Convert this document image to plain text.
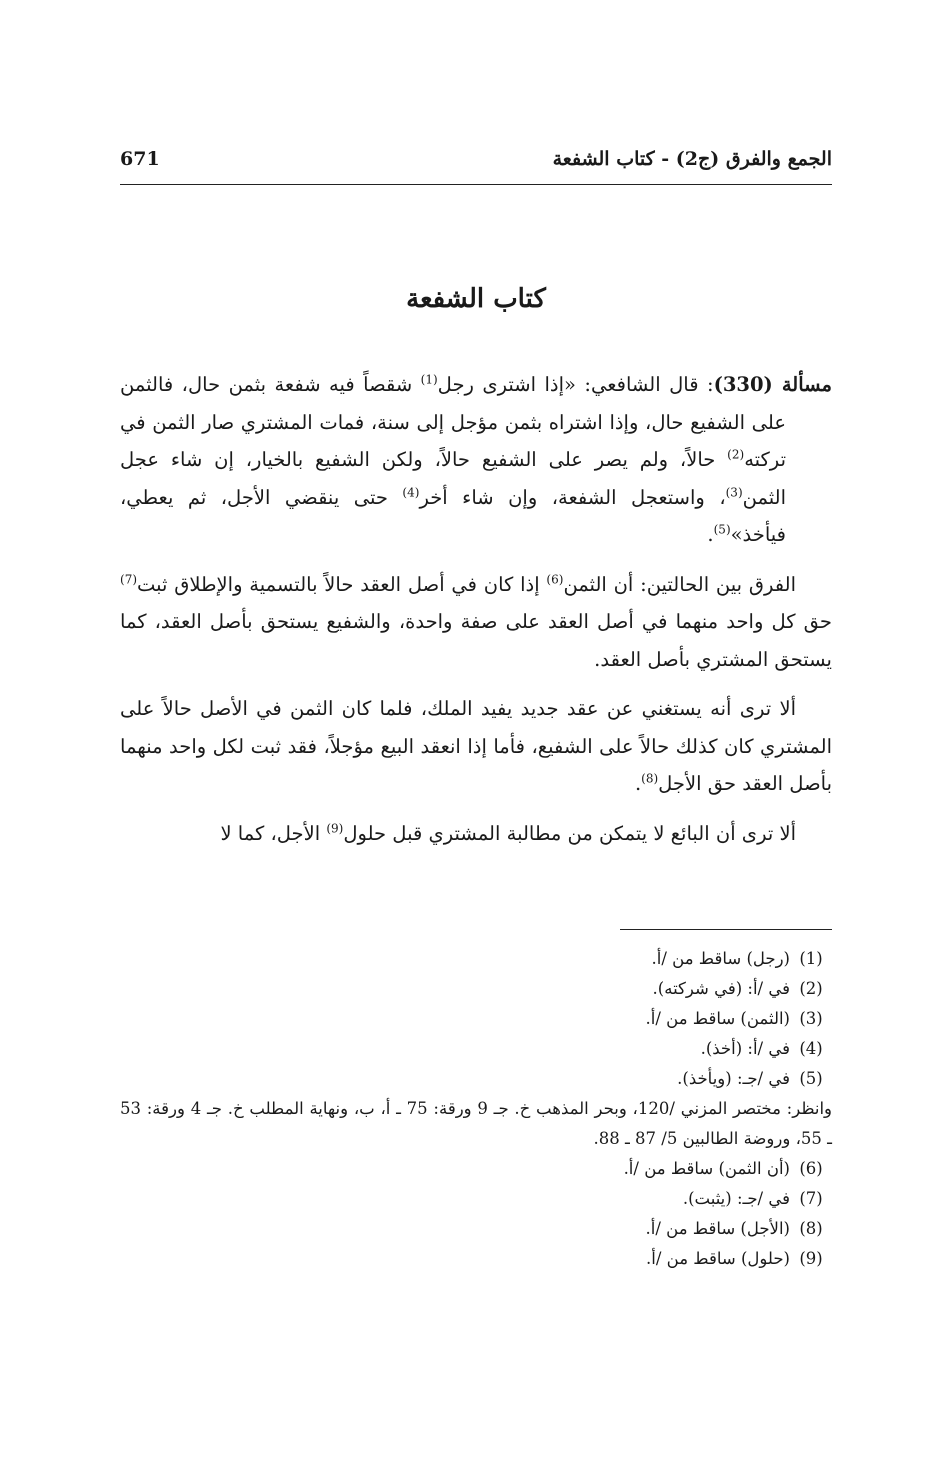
الجمع والفرق (ج2) - كتاب الشفعة
671
كتاب الشفعة

مسألة (330): قال الشافعي: «إذا اشترى رجل$^{(1)}$ شقصاً فيه شفعة بثمن حال، فالثمن على الشفيع حال، وإذا اشتراه بثمن مؤجل إلى سنة، فمات المشتري صار الثمن في تركته$^{(2)}$ حالاً، ولم يصر على الشفيع حالاً، ولكن الشفيع بالخيار، إن شاء عجل الثمن$^{(3)}$، واستعجل الشفعة، وإن شاء أخر$^{(4)}$ حتى ينقضي الأجل، ثم يعطي، فيأخذ»$^{(5)}$.

الفرق بين الحالتين: أن الثمن$^{(6)}$ إذا كان في أصل العقد حالاً بالتسمية والإطلاق ثبت$^{(7)}$ حق كل واحد منهما في أصل العقد على صفة واحدة، والشفيع يستحق بأصل العقد، كما يستحق المشتري بأصل العقد.

ألا ترى أنه يستغني عن عقد جديد يفيد الملك، فلما كان الثمن في الأصل حالاً على المشتري كان كذلك حالاً على الشفيع، فأما إذا انعقد البيع مؤجلاً، فقد ثبت لكل واحد منهما بأصل العقد حق الأجل$^{(8)}$.

ألا ترى أن البائع لا يتمكن من مطالبة المشتري قبل حلول$^{(9)}$ الأجل، كما لا

(1)(رجل) ساقط من /أ.

(2)في /أ: (في شركته).

(3)(الثمن) ساقط من /أ.

(4)في /أ: (أخذ).

(5)في /جـ: (ويأخذ).

وانظر: مختصر المزني /120، وبحر المذهب خ. جـ 9 ورقة: 75 ـ أ، ب، ونهاية المطلب خ. جـ 4 ورقة: 53 ـ 55، وروضة الطالبين 5/ 87 ـ 88.

(6)(أن الثمن) ساقط من /أ.

(7)في /جـ: (يثبت).

(8)(الأجل) ساقط من /أ.

(9)(حلول) ساقط من /أ.
